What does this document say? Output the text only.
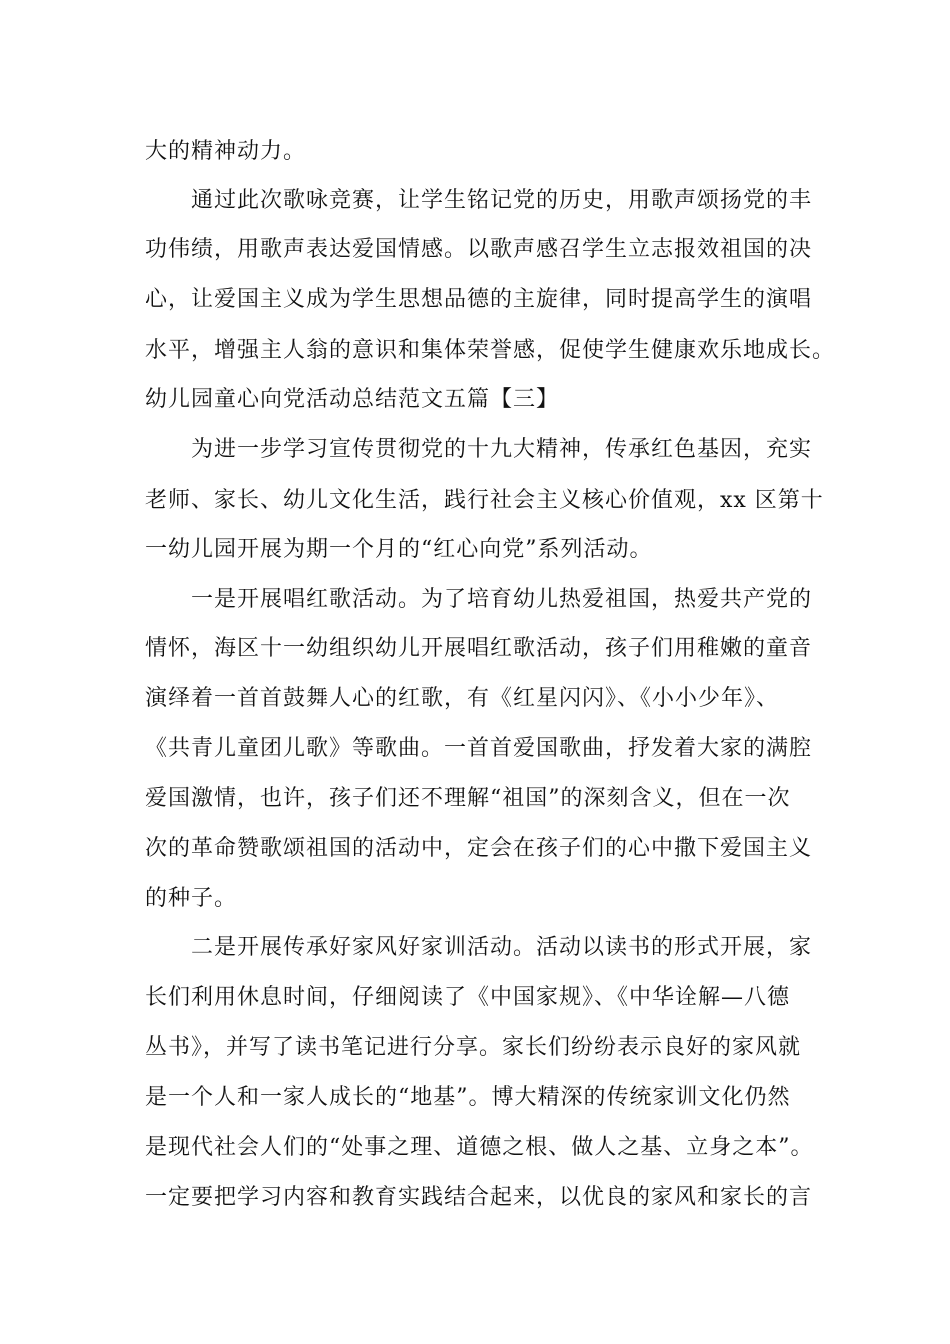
大的精神动力。
通过此次歌咏竞赛，让学生铭记党的历史，用歌声颂扬党的丰
功伟绩，用歌声表达爱国情感。以歌声感召学生立志报效祖国的决
心，让爱国主义成为学生思想品德的主旋律，同时提高学生的演唱
水平，增强主人翁的意识和集体荣誉感，促使学生健康欢乐地成长。
幼儿园童心向党活动总结范文五篇【三】
为进一步学习宣传贯彻党的十九大精神，传承红色基因，充实
老师、家长、幼儿文化生活，践行社会主义核心价值观，xx 区第十
一幼儿园开展为期一个月的“红心向党”系列活动。
一是开展唱红歌活动。为了培育幼儿热爱祖国，热爱共产党的
情怀，海区十一幼组织幼儿开展唱红歌活动，孩子们用稚嫩的童音
演绎着一首首鼓舞人心的红歌，有《红星闪闪》、《小小少年》、
《共青儿童团儿歌》等歌曲。一首首爱国歌曲，抒发着大家的满腔
爱国激情，也许，孩子们还不理解“祖国”的深刻含义，但在一次
次的革命赞歌颂祖国的活动中，定会在孩子们的心中撒下爱国主义
的种子。
二是开展传承好家风好家训活动。活动以读书的形式开展，家
长们利用休息时间，仔细阅读了《中国家规》、《中华诠解—八德
丛书》，并写了读书笔记进行分享。家长们纷纷表示良好的家风就
是一个人和一家人成长的“地基”。博大精深的传统家训文化仍然
是现代社会人们的“处事之理、道德之根、做人之基、立身之本”。
一定要把学习内容和教育实践结合起来，以优良的家风和家长的言
